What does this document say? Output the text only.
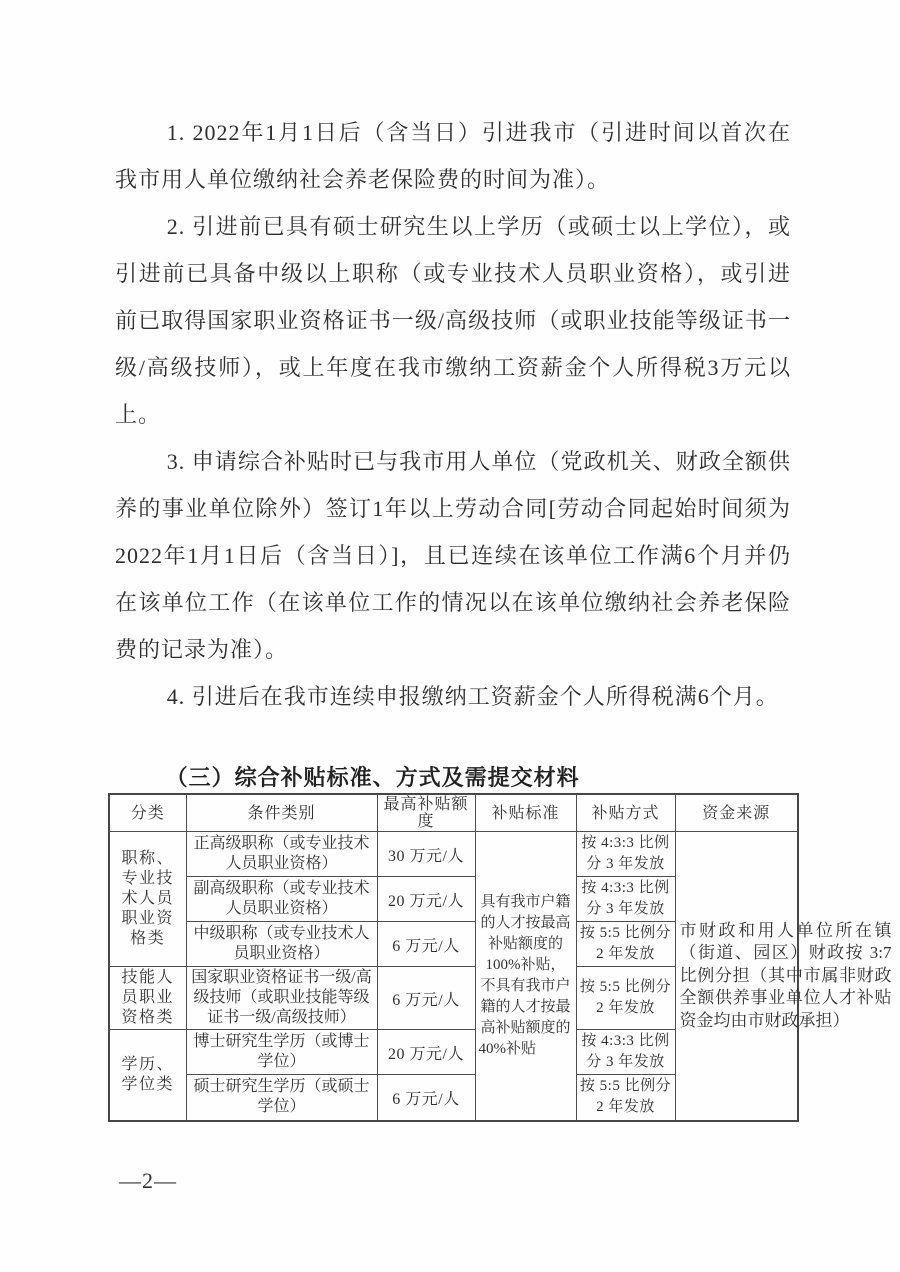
1. 2022年1月1日后（含当日）引进我市（引进时间以首次在我市用人单位缴纳社会养老保险费的时间为准）。

2. 引进前已具有硕士研究生以上学历（或硕士以上学位），或引进前已具备中级以上职称（或专业技术人员职业资格），或引进前已取得国家职业资格证书一级/高级技师（或职业技能等级证书一级/高级技师），或上年度在我市缴纳工资薪金个人所得税3万元以上。

3. 申请综合补贴时已与我市用人单位（党政机关、财政全额供养的事业单位除外）签订1年以上劳动合同[劳动合同起始时间须为2022年1月1日后（含当日）]，且已连续在该单位工作满6个月并仍在该单位工作（在该单位工作的情况以在该单位缴纳社会养老保险费的记录为准）。

4. 引进后在我市连续申报缴纳工资薪金个人所得税满6个月。

（三）综合补贴标准、方式及需提交材料
分类	条件类别	最高补贴额度	补贴标准	补贴方式	资金来源
职称、专业技术人员职业资格类	正高级职称（或专业技术人员职业资格）	30 万元/人	具有我市户籍的人才按最高补贴额度的100%补贴，不具有我市户籍的人才按最高补贴额度的40%补贴	按 4:3:3 比例分 3 年发放	市财政和用人单位所在镇（街道、园区）财政按 3:7 比例分担（其中市属非财政全额供养事业单位人才补贴资金均由市财政承担）

	副高级职称（或专业技术人员职业资格）	20 万元/人		按 4:3:3 比例分 3 年发放	
	中级职称（或专业技术人员职业资格）	6 万元/人		按 5:5 比例分 2 年发放	
技能人员职业资格类	国家职业资格证书一级/高级技师（或职业技能等级证书一级/高级技师）	6 万元/人		按 5:5 比例分 2 年发放	
学历、学位类	博士研究生学历（或博士学位）	20 万元/人		按 4:3:3 比例分 3 年发放	
	硕士研究生学历（或硕士学位）	6 万元/人		按 5:5 比例分 2 年发放	
—2—
